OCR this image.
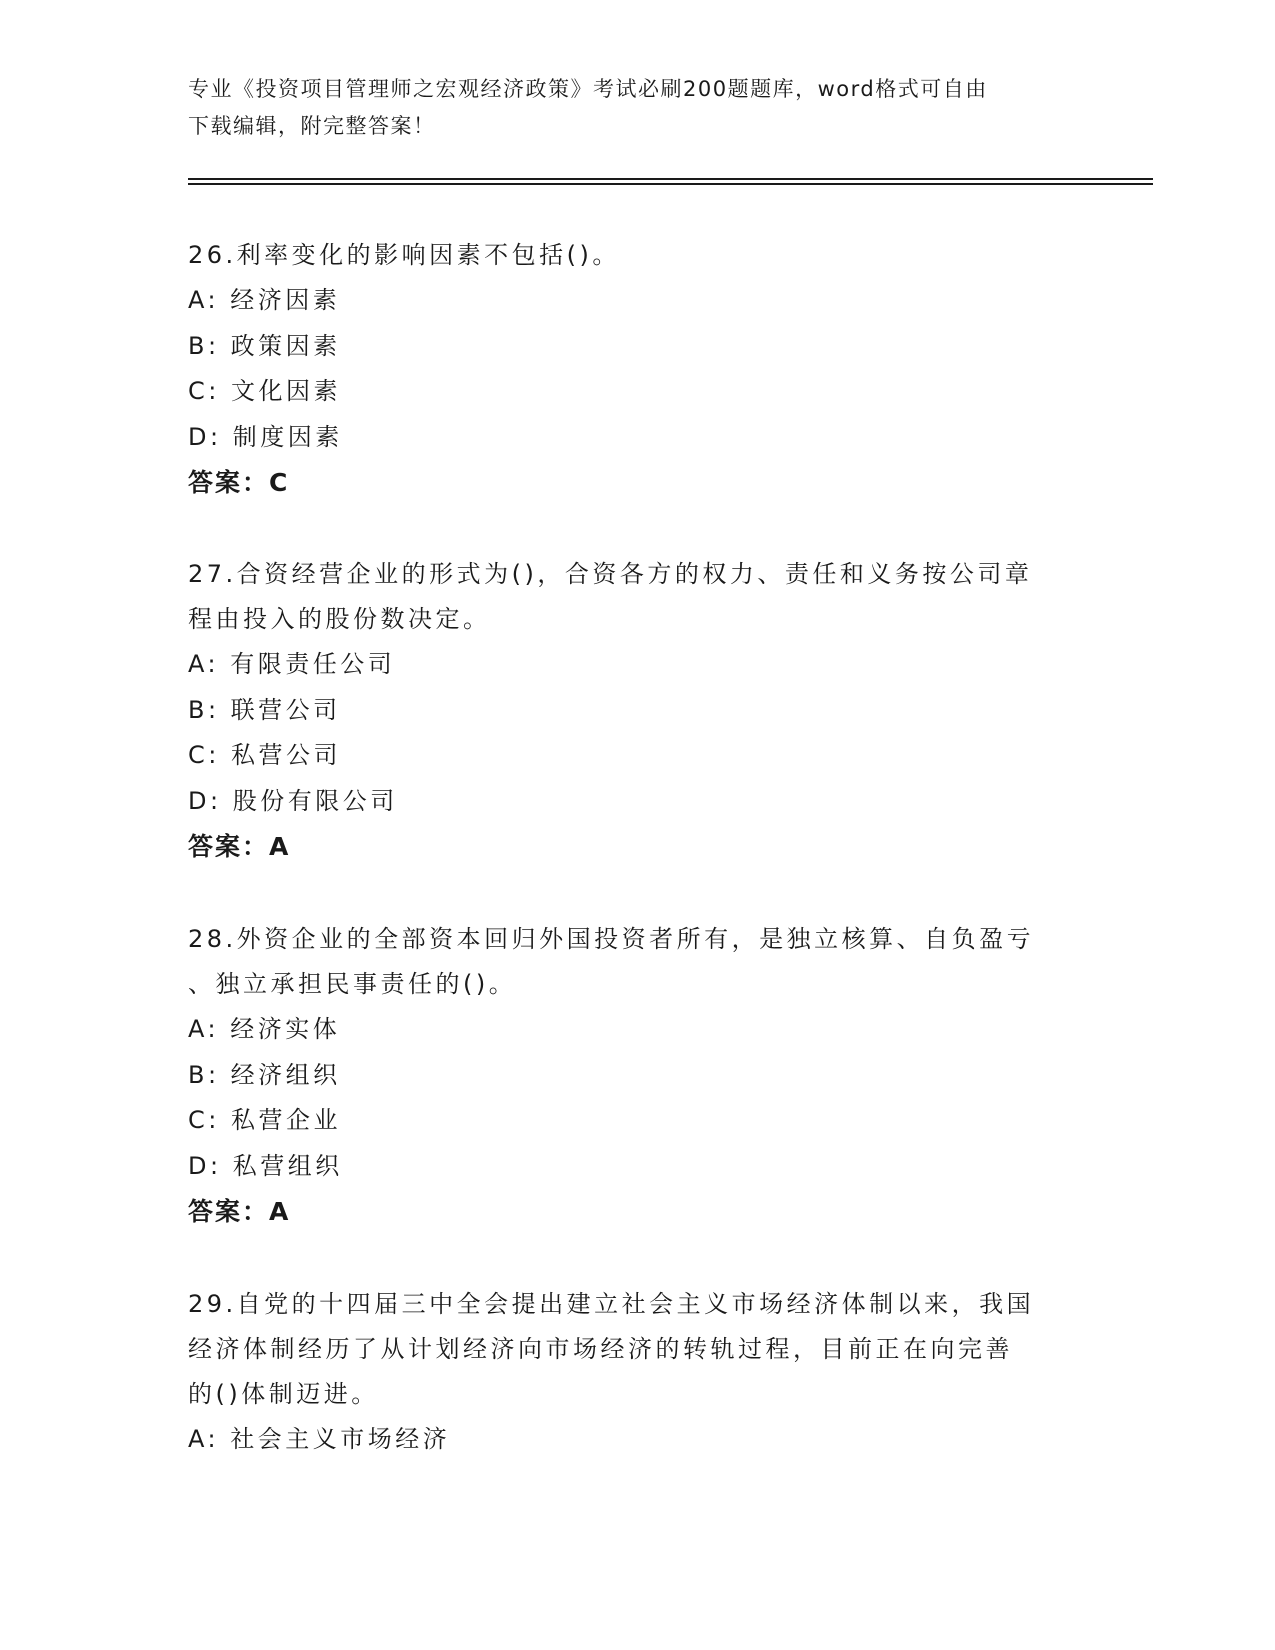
专业《投资项目管理师之宏观经济政策》考试必刷200题题库，word格式可自由
下载编辑，附完整答案！
26.利率变化的影响因素不包括()。
A: 经济因素
B: 政策因素
C: 文化因素
D: 制度因素
答案：C
27.合资经营企业的形式为()，合资各方的权力、责任和义务按公司章
程由投入的股份数决定。
A: 有限责任公司
B: 联营公司
C: 私营公司
D: 股份有限公司
答案：A
28.外资企业的全部资本回归外国投资者所有，是独立核算、自负盈亏
、独立承担民事责任的()。
A: 经济实体
B: 经济组织
C: 私营企业
D: 私营组织
答案：A
29.自党的十四届三中全会提出建立社会主义市场经济体制以来，我国
经济体制经历了从计划经济向市场经济的转轨过程，目前正在向完善
的()体制迈进。
A: 社会主义市场经济
